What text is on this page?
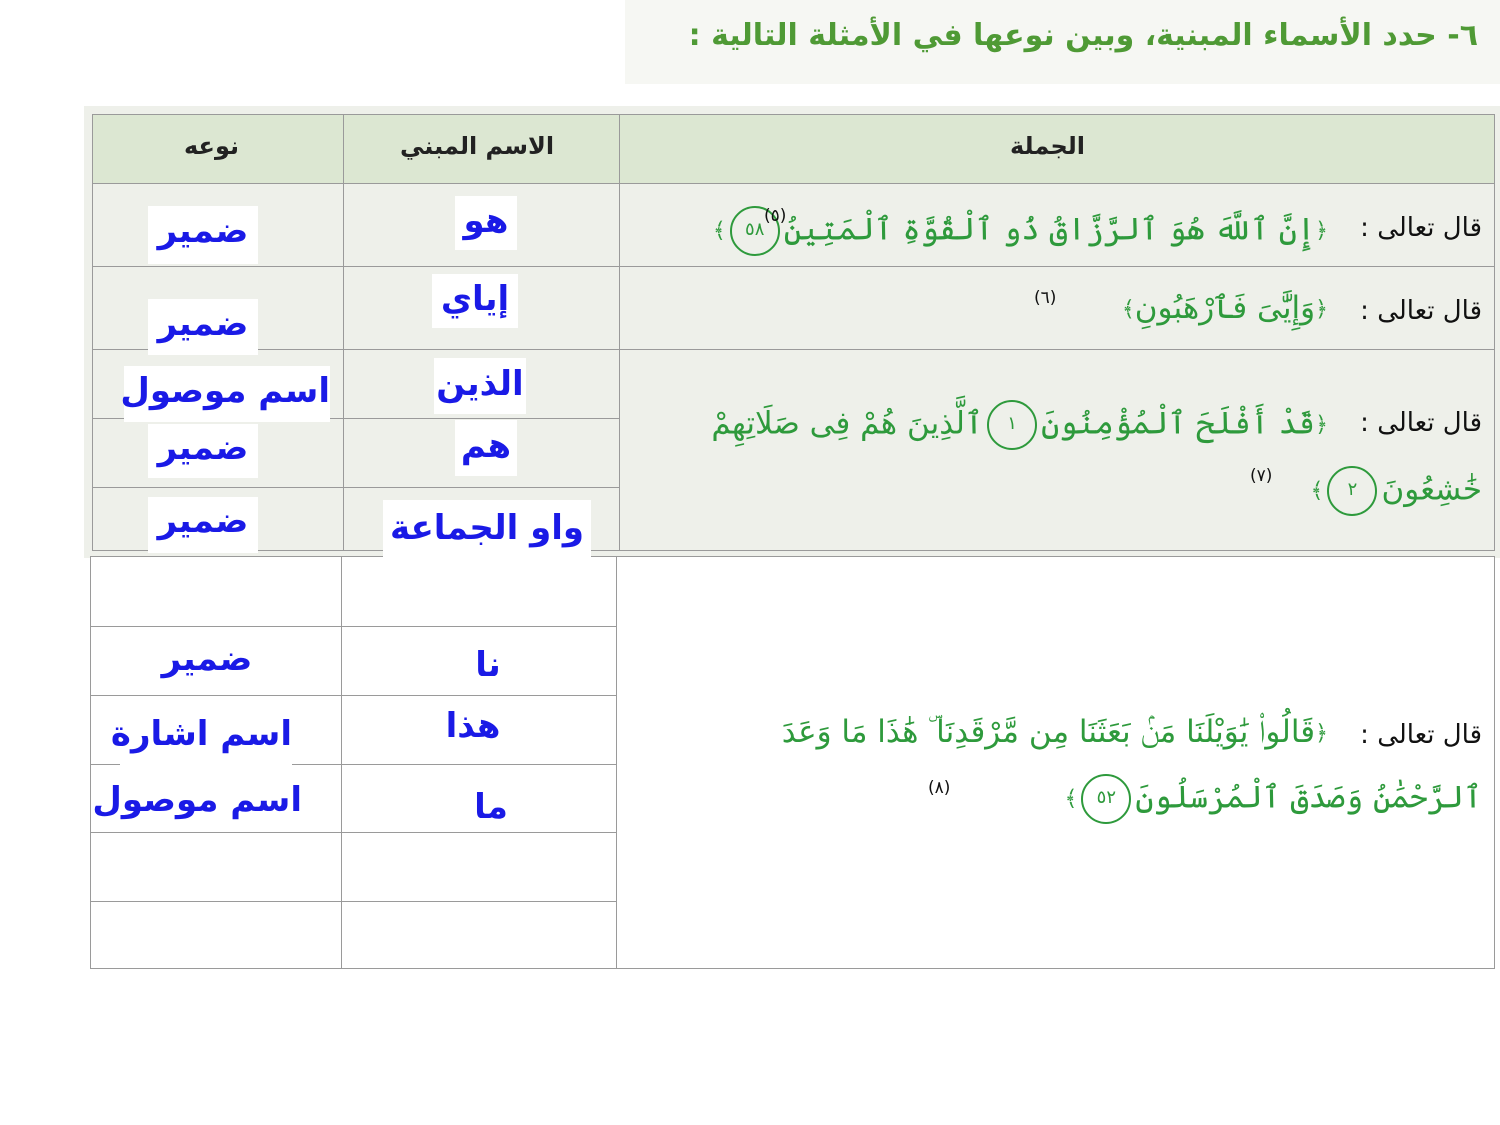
٦- حدد الأسماء المبنية، وبين نوعها في الأمثلة التالية :
نوعه	الاسم المبني	الجملة
قال تعالى :
﴿إِنَّ ٱللَّهَ هُوَ ٱلرَّزَّاقُ ذُو ٱلْقُوَّةِ ٱلْمَتِينُ٥٨﴾
(٥)
قال تعالى :
﴿وَإِيَّٰىَ فَٱرْهَبُونِ﴾
(٦)
قال تعالى :
﴿قَدْ أَفْلَحَ ٱلْمُؤْمِنُونَ١ٱلَّذِينَ هُمْ فِى صَلَاتِهِمْ
خَٰشِعُونَ٢﴾
(٧)
قال تعالى :
﴿قَالُوا۟ يَٰوَيْلَنَا مَنۢ بَعَثَنَا مِن مَّرْقَدِنَا ۜ هَٰذَا مَا وَعَدَ
ٱلرَّحْمَٰنُ وَصَدَقَ ٱلْمُرْسَلُونَ٥٢﴾
(٨)
هو
إياي
الذين
هم
واو الجماعة
نا
هذا
ما
ضمير
ضمير
اسم موصول
ضمير
ضمير
ضمير
اسم اشارة
اسم موصول
